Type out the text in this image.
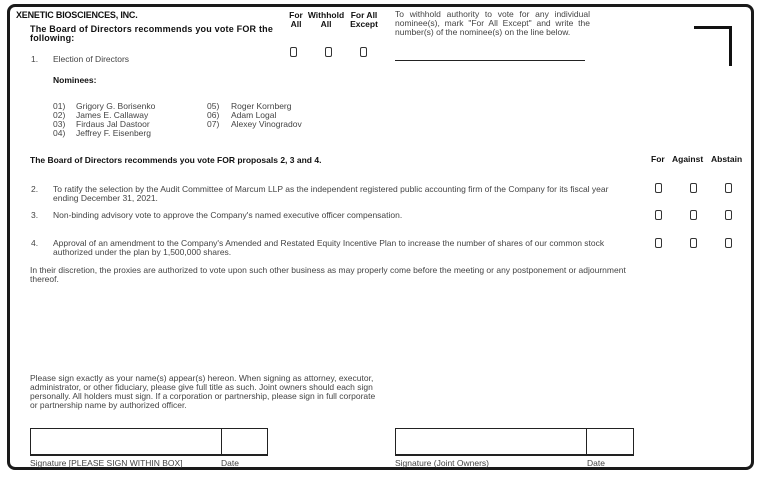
XENETIC BIOSCIENCES, INC.
The Board of Directors recommends you vote FOR the following:
For
All
Withhold
All
For All
Except
To withhold authority to vote for any individual nominee(s), mark "For All Except" and write the number(s) of the nominee(s) on the line below.
1. Election of Directors
Nominees:
01) Grigory G. Borisenko
02) James E. Callaway
03) Firdaus Jal Dastoor
04) Jeffrey F. Eisenberg
05) Roger Kornberg
06) Adam Logal
07) Alexey Vinogradov
The Board of Directors recommends you vote FOR proposals 2, 3 and 4.	For Against Abstain
2. To ratify the selection by the Audit Committee of Marcum LLP as the independent registered public accounting firm of the Company for its fiscal year
ending December 31, 2021.
3. Non-binding advisory vote to approve the Company's named executive officer compensation.
4. Approval of an amendment to the Company's Amended and Restated Equity Incentive Plan to increase the number of shares of our common stock
authorized under the plan by 1,500,000 shares.
In their discretion, the proxies are authorized to vote upon such other business as may properly come before the meeting or any postponement or adjournment
thereof.
Please sign exactly as your name(s) appear(s) hereon. When signing as attorney, executor,
administrator, or other fiduciary, please give full title as such. Joint owners should each sign
personally. All holders must sign. If a corporation or partnership, please sign in full corporate
or partnership name by authorized officer.
Signature [PLEASE SIGN WITHIN BOX]	Date	Signature (Joint Owners)	Date
